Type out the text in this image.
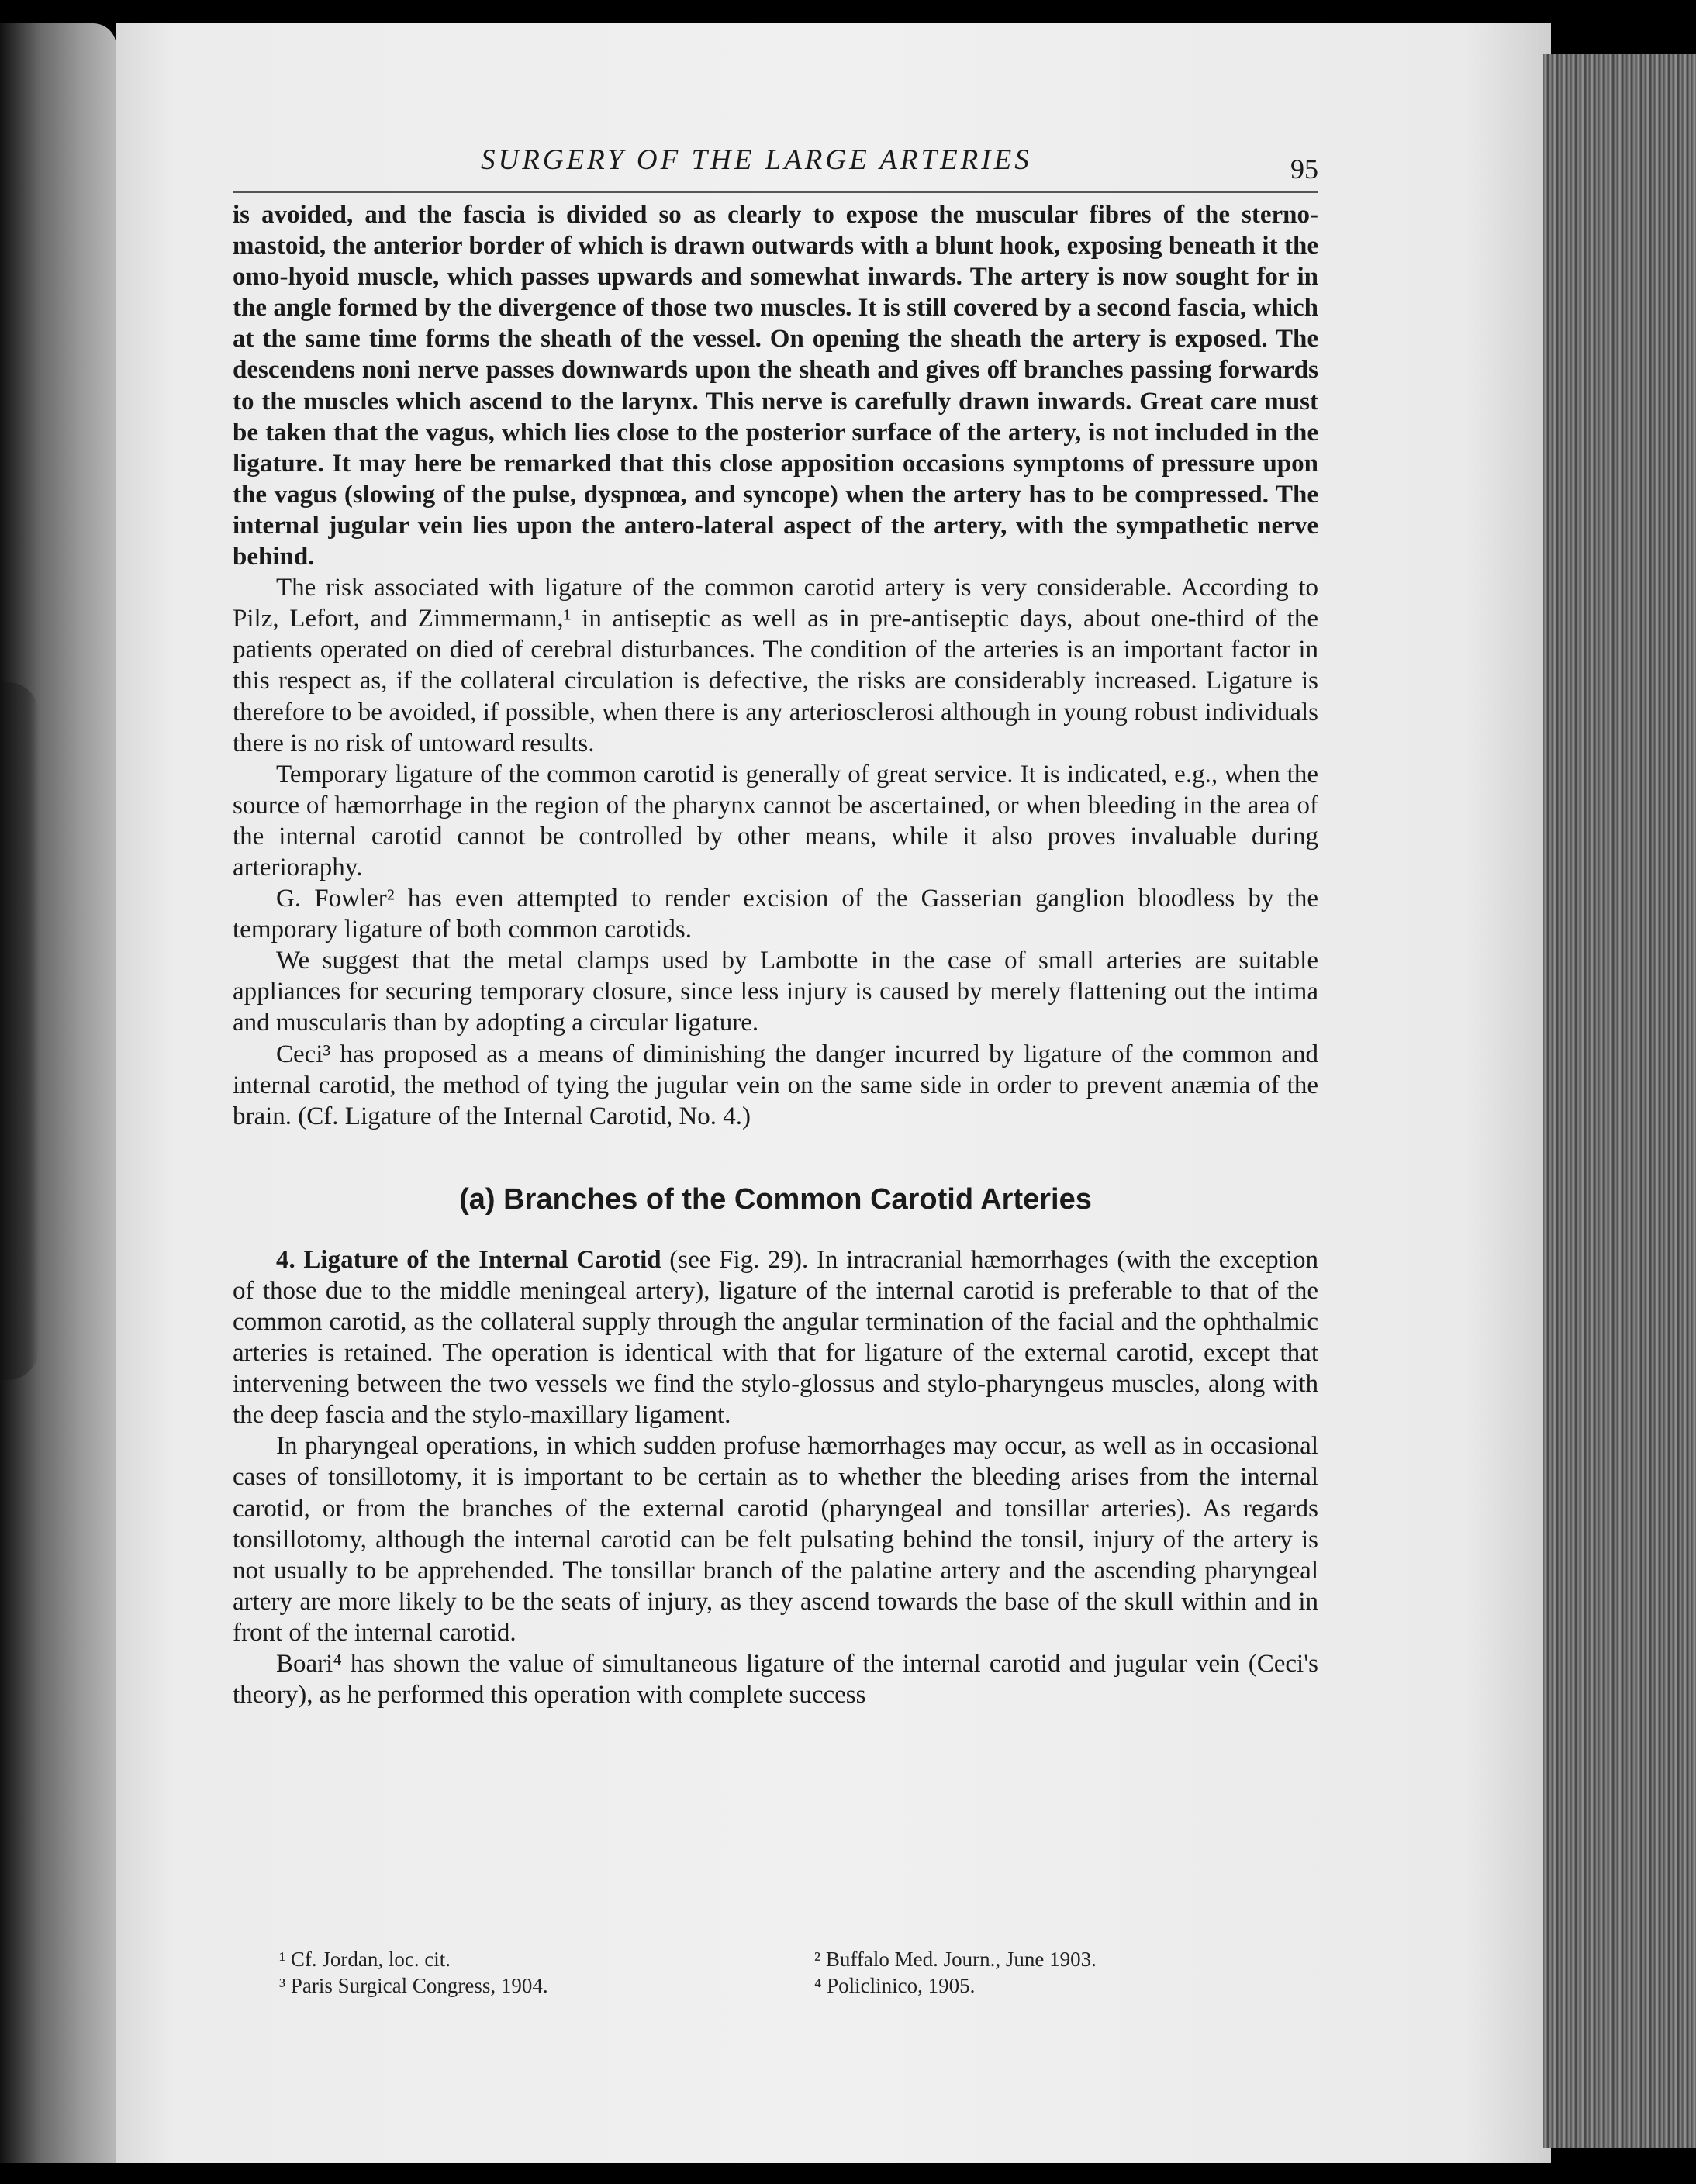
SURGERY OF THE LARGE ARTERIES	95

is avoided, and the fascia is divided so as clearly to expose the muscular fibres of the sterno-mastoid, the anterior border of which is drawn outwards with a blunt hook, exposing beneath it the omo-hyoid muscle, which passes upwards and somewhat inwards. The artery is now sought for in the angle formed by the divergence of those two muscles. It is still covered by a second fascia, which at the same time forms the sheath of the vessel. On opening the sheath the artery is exposed. The descendens noni nerve passes downwards upon the sheath and gives off branches passing forwards to the muscles which ascend to the larynx. This nerve is carefully drawn inwards. Great care must be taken that the vagus, which lies close to the posterior surface of the artery, is not included in the ligature. It may here be remarked that this close apposition occasions symptoms of pressure upon the vagus (slowing of the pulse, dyspnœa, and syncope) when the artery has to be compressed. The internal jugular vein lies upon the antero-lateral aspect of the artery, with the sympathetic nerve behind.

The risk associated with ligature of the common carotid artery is very considerable. According to Pilz, Lefort, and Zimmermann,¹ in antiseptic as well as in pre-antiseptic days, about one-third of the patients operated on died of cerebral disturbances. The condition of the arteries is an important factor in this respect as, if the collateral circulation is defective, the risks are considerably increased. Ligature is therefore to be avoided, if possible, when there is any arteriosclerosi although in young robust individuals there is no risk of untoward results.

Temporary ligature of the common carotid is generally of great service. It is indicated, e.g., when the source of hæmorrhage in the region of the pharynx cannot be ascertained, or when bleeding in the area of the internal carotid cannot be controlled by other means, while it also proves invaluable during arterioraphy.

G. Fowler² has even attempted to render excision of the Gasserian ganglion bloodless by the temporary ligature of both common carotids.

We suggest that the metal clamps used by Lambotte in the case of small arteries are suitable appliances for securing temporary closure, since less injury is caused by merely flattening out the intima and muscularis than by adopting a circular ligature.

Ceci³ has proposed as a means of diminishing the danger incurred by ligature of the common and internal carotid, the method of tying the jugular vein on the same side in order to prevent anæmia of the brain. (Cf. Ligature of the Internal Carotid, No. 4.)

(a) Branches of the Common Carotid Arteries

4. Ligature of the Internal Carotid (see Fig. 29). In intracranial hæmorrhages (with the exception of those due to the middle meningeal artery), ligature of the internal carotid is preferable to that of the common carotid, as the collateral supply through the angular termination of the facial and the ophthalmic arteries is retained. The operation is identical with that for ligature of the external carotid, except that intervening between the two vessels we find the stylo-glossus and stylo-pharyngeus muscles, along with the deep fascia and the stylo-maxillary ligament.

In pharyngeal operations, in which sudden profuse hæmorrhages may occur, as well as in occasional cases of tonsillotomy, it is important to be certain as to whether the bleeding arises from the internal carotid, or from the branches of the external carotid (pharyngeal and tonsillar arteries). As regards tonsillotomy, although the internal carotid can be felt pulsating behind the tonsil, injury of the artery is not usually to be apprehended. The tonsillar branch of the palatine artery and the ascending pharyngeal artery are more likely to be the seats of injury, as they ascend towards the base of the skull within and in front of the internal carotid.

Boari⁴ has shown the value of simultaneous ligature of the internal carotid and jugular vein (Ceci's theory), as he performed this operation with complete success

¹ Cf. Jordan, loc. cit.	² Buffalo Med. Journ., June 1903.
³ Paris Surgical Congress, 1904.	⁴ Policlinico, 1905.
